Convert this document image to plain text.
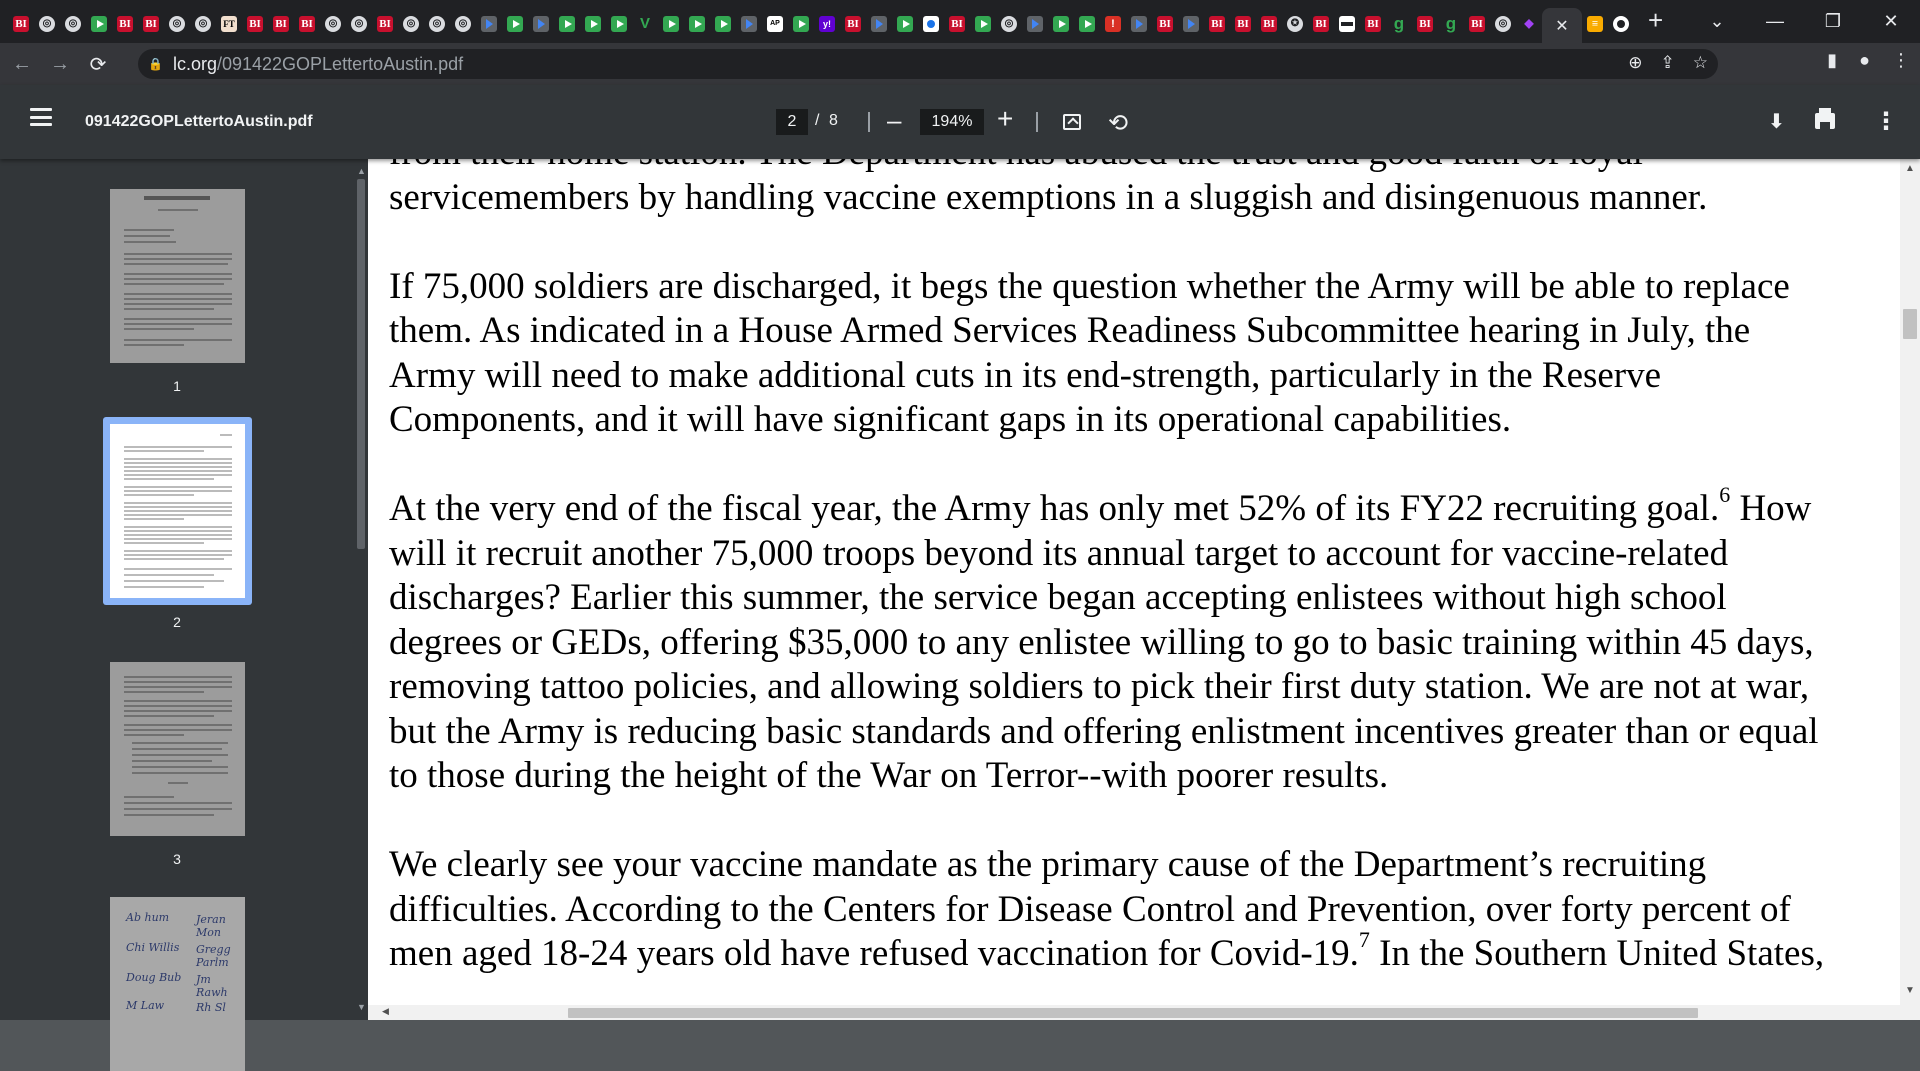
BI	◎	◎	BI BI	◎	◎	FT BI BI BI	◎	◎	BI	◎	◎	◎	V	AP	y!	BI	BI	◎	!	BI	BI BI BI	✪	BI	BI g BI g BI	◎	◆ ✕	≡ +	⌄	—	❐	✕
← → ⟳	🔒 lc.org/091422GOPLettertoAustin.pdf	⊕ ⇪ ☆	▮ ● ⋮
091422GOPLettertoAustin.pdf	2	/ 8 –	194% +	⟲	⬇	⋮
1
2
3
Ab hum Jeran Mon
Chi Willis Gregg Parlm
Doug Bub Jm Rawh
M Law	Rh Sl
▲
▼

servicemembers by handling vaccine exemptions in a sluggish and disingenuous manner.

If 75,000 soldiers are discharged, it begs the question whether the Army will be able to replace
them. As indicated in a House Armed Services Readiness Subcommittee hearing in July, the
Army will need to make additional cuts in its end-strength, particularly in the Reserve
Components, and it will have significant gaps in its operational capabilities.

At the very end of the fiscal year, the Army has only met 52% of its FY22 recruiting goal.$^6$ How
will it recruit another 75,000 troops beyond its annual target to account for vaccine-related
discharges? Earlier this summer, the service began accepting enlistees without high school
degrees or GEDs, offering $35,000 to any enlistee willing to go to basic training within 45 days,
removing tattoo policies, and allowing soldiers to pick their first duty station. We are not at war,
but the Army is reducing basic standards and offering enlistment incentives greater than or equal
to those during the height of the War on Terror--with poorer results.

We clearly see your vaccine mandate as the primary cause of the Department’s recruiting
difficulties. According to the Centers for Disease Control and Prevention, over forty percent of
men aged 18-24 years old have refused vaccination for Covid-19.$^7$ In the Southern United States,

▲
▼
◀
